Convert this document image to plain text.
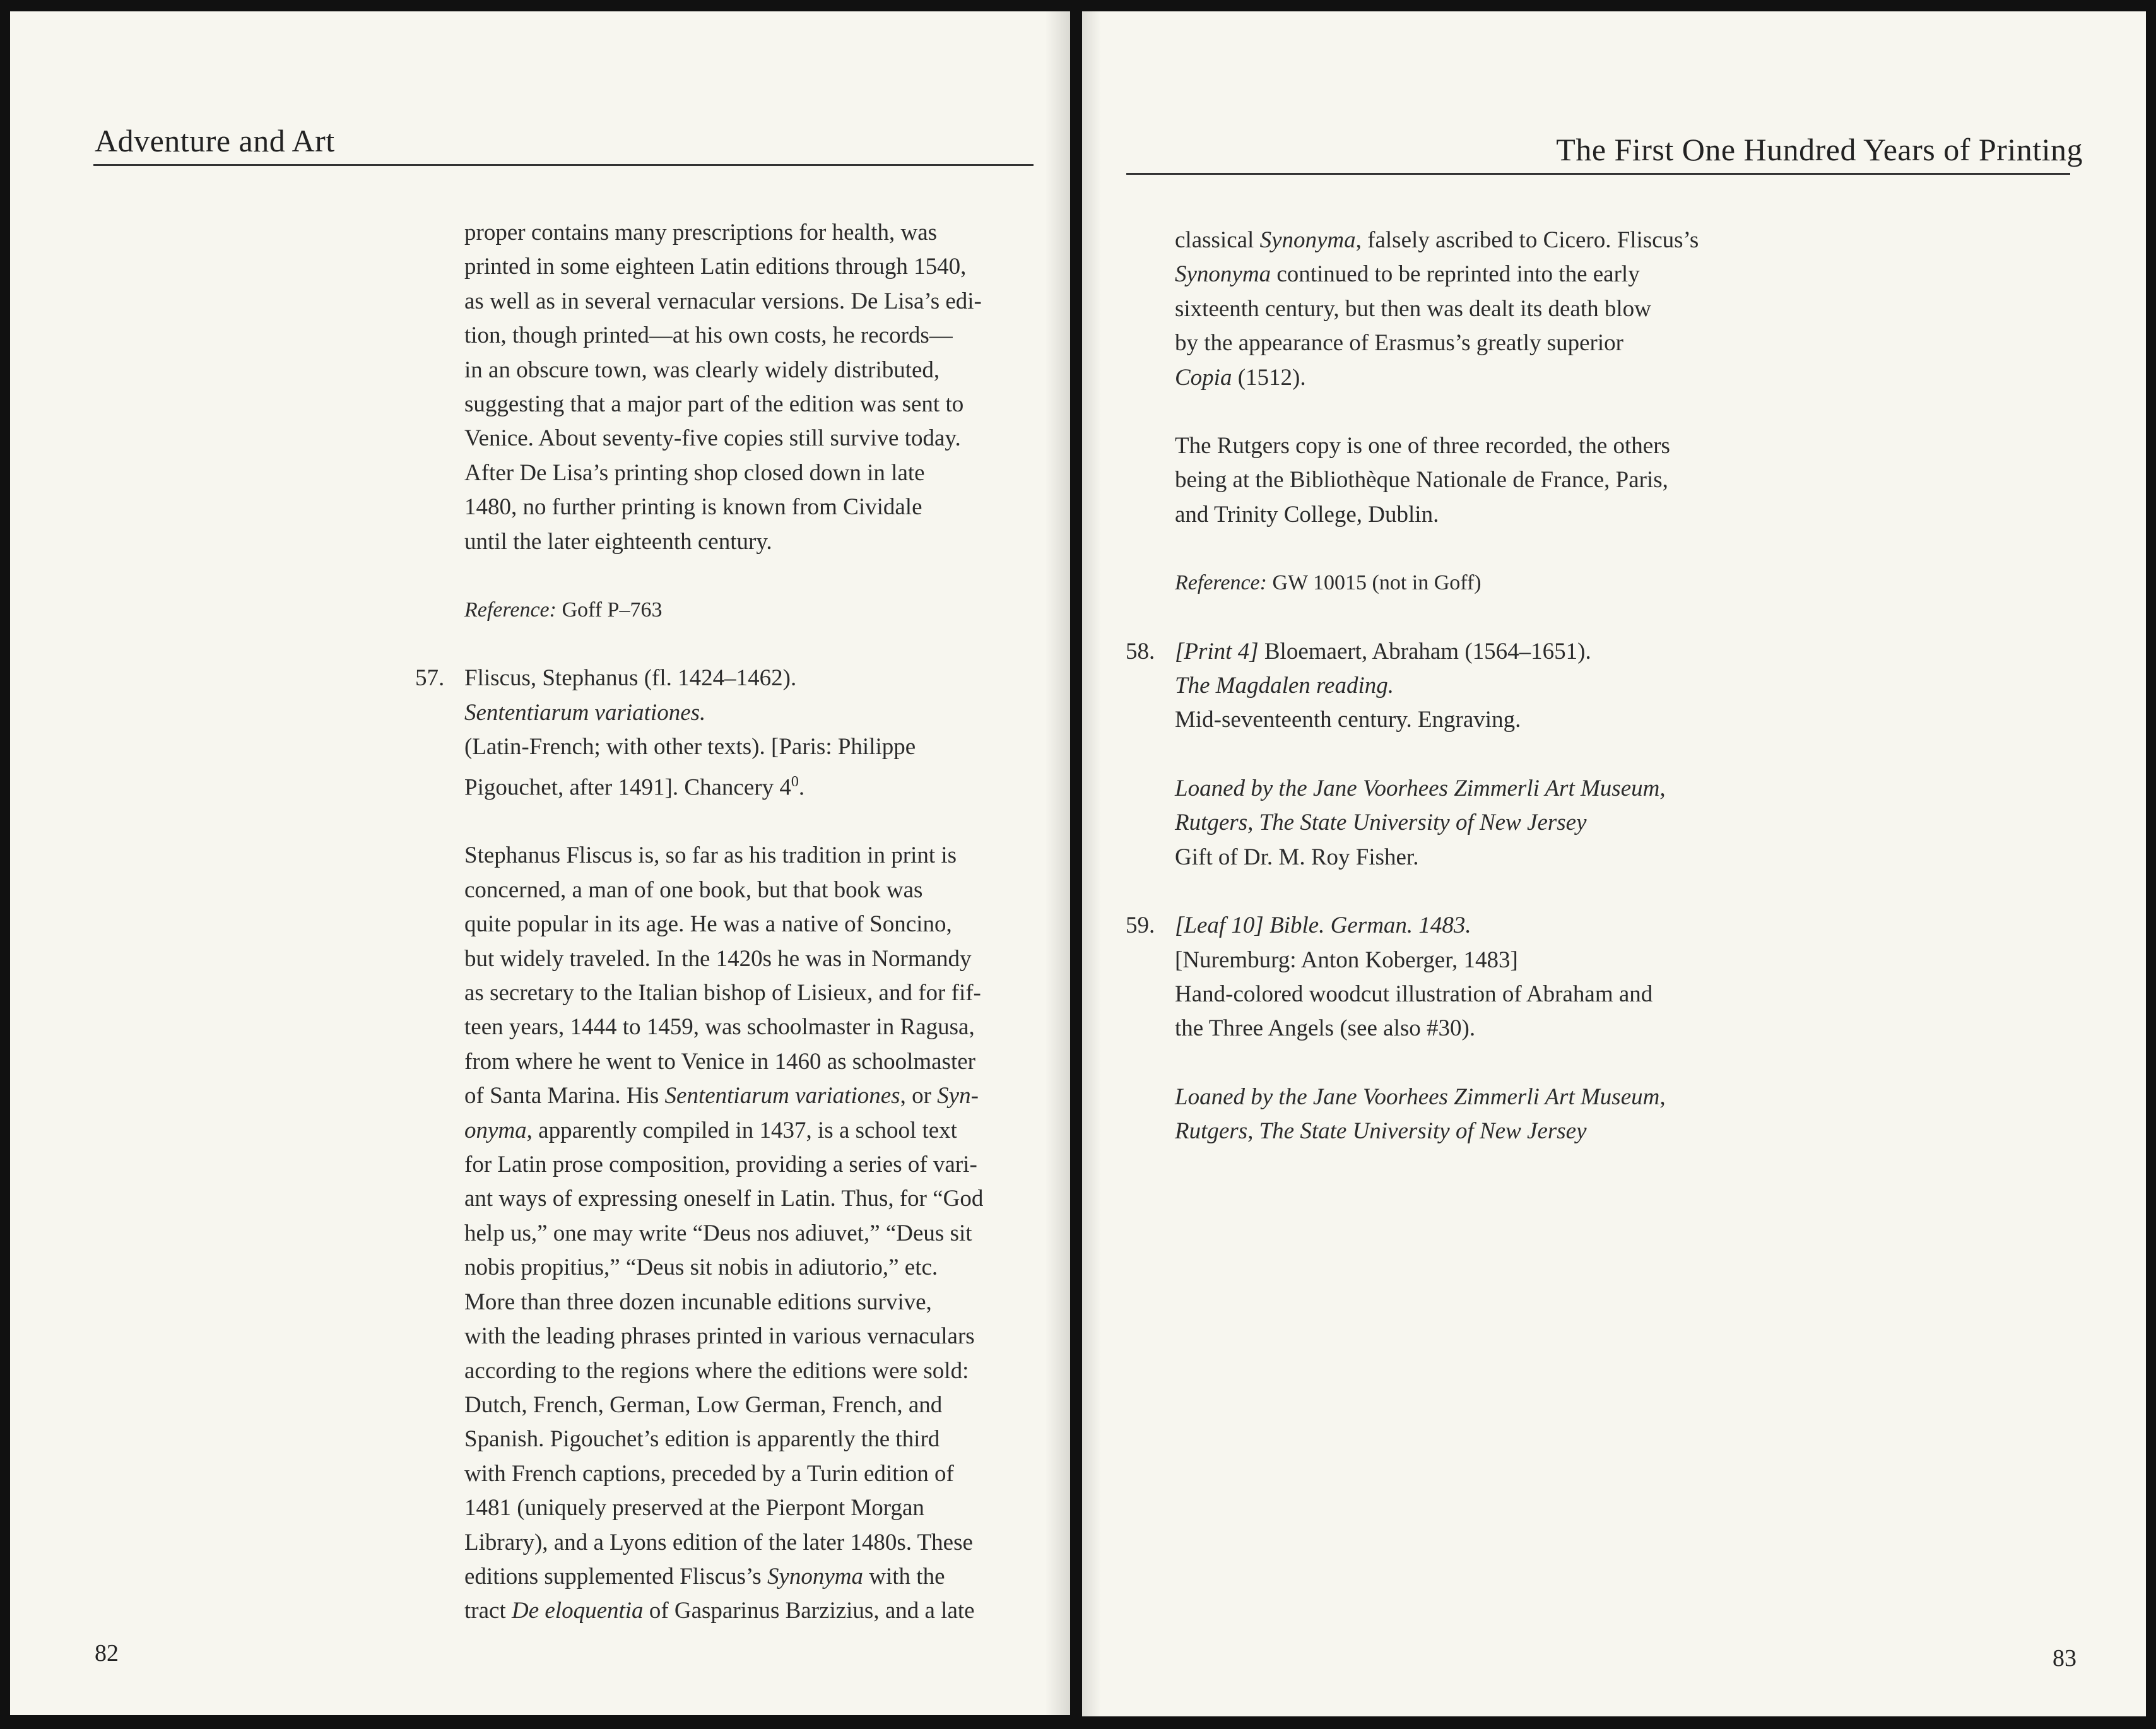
Adventure and Art

proper contains many prescriptions for health, was

printed in some eighteen Latin editions through 1540,

as well as in several vernacular versions. De Lisa’s edi-

tion, though printed—at his own costs, he records—

in an obscure town, was clearly widely distributed,

suggesting that a major part of the edition was sent to

Venice. About seventy-five copies still survive today.

After De Lisa’s printing shop closed down in late

1480, no further printing is known from Cividale

until the later eighteenth century.

Reference: Goff P–763

57. Fliscus, Stephanus (fl. 1424–1462).

Sententiarum variationes.

(Latin-French; with other texts). [Paris: Philippe

Pigouchet, after 1491]. Chancery $4^0$.

Stephanus Fliscus is, so far as his tradition in print is

concerned, a man of one book, but that book was

quite popular in its age. He was a native of Soncino,

but widely traveled. In the 1420s he was in Normandy

as secretary to the Italian bishop of Lisieux, and for fif-

teen years, 1444 to 1459, was schoolmaster in Ragusa,

from where he went to Venice in 1460 as schoolmaster

of Santa Marina. His Sententiarum variationes, or Syn-

onyma, apparently compiled in 1437, is a school text

for Latin prose composition, providing a series of vari-

ant ways of expressing oneself in Latin. Thus, for “God

help us,” one may write “Deus nos adiuvet,” “Deus sit

nobis propitius,” “Deus sit nobis in adiutorio,” etc.

More than three dozen incunable editions survive,

with the leading phrases printed in various vernaculars

according to the regions where the editions were sold:

Dutch, French, German, Low German, French, and

Spanish. Pigouchet’s edition is apparently the third

with French captions, preceded by a Turin edition of

1481 (uniquely preserved at the Pierpont Morgan

Library), and a Lyons edition of the later 1480s. These

editions supplemented Fliscus’s Synonyma with the

tract De eloquentia of Gasparinus Barzizius, and a late

82
The First One Hundred Years of Printing

classical Synonyma, falsely ascribed to Cicero. Fliscus’s

Synonyma continued to be reprinted into the early

sixteenth century, but then was dealt its death blow

by the appearance of Erasmus’s greatly superior

Copia (1512).

The Rutgers copy is one of three recorded, the others

being at the Bibliothèque Nationale de France, Paris,

and Trinity College, Dublin.

Reference: GW 10015 (not in Goff)

58. [Print 4] Bloemaert, Abraham (1564–1651).

The Magdalen reading.

Mid-seventeenth century. Engraving.

Loaned by the Jane Voorhees Zimmerli Art Museum,

Rutgers, The State University of New Jersey

Gift of Dr. M. Roy Fisher.

59. [Leaf 10] Bible. German. 1483.

[Nuremburg: Anton Koberger, 1483]

Hand-colored woodcut illustration of Abraham and

the Three Angels (see also #30).

Loaned by the Jane Voorhees Zimmerli Art Museum,

Rutgers, The State University of New Jersey

83
